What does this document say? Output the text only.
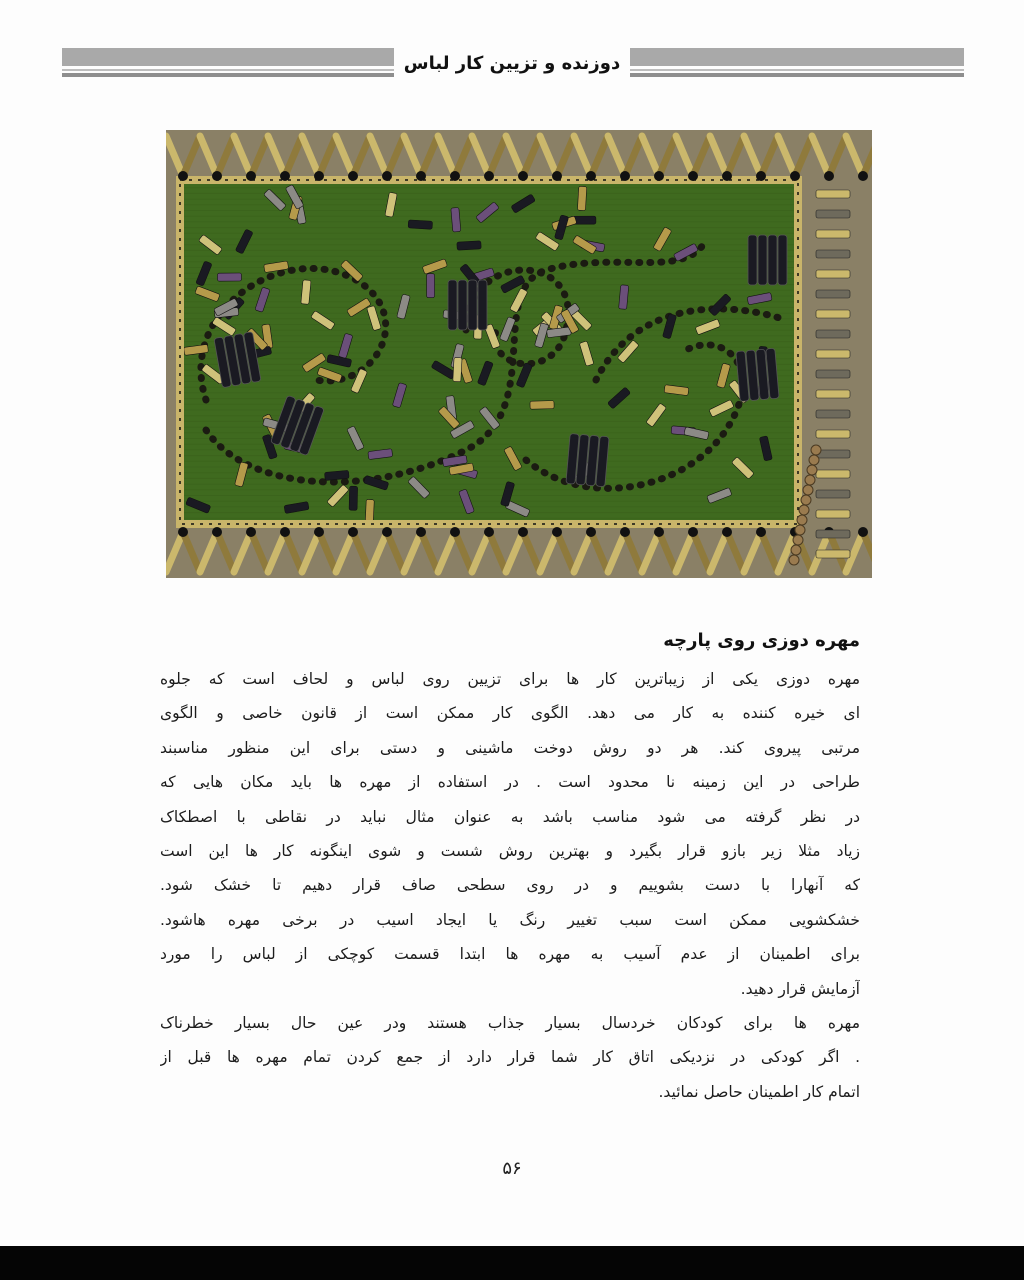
دوزنده و تزیین کار لباس
مهره دوزی روی پارچه
مهره دوزی یکی از زیباترین کار ها برای تزیین روی لباس و لحاف است که جلوه
ای خیره کننده به کار می دهد. الگوی کار ممکن است از قانون خاصی و الگوی
مرتبی پیروی کند. هر دو روش دوخت ماشینی و دستی برای این منظور مناسبند
طراحی در این زمینه نا محدود است . در استفاده از مهره ها باید مکان هایی که
در نظر گرفته می شود مناسب باشد به عنوان مثال نباید در نقاطی با اصطکاک
زیاد مثلا زیر بازو قرار بگیرد و بهترین روش شست و شوی اینگونه کار ها این است
که آنهارا با دست بشوییم و در روی سطحی صاف قرار دهیم تا خشک شود.
خشکشویی ممکن است سبب تغییر رنگ یا ایجاد اسیب در برخی مهره هاشود.
برای اطمینان از عدم آسیب به مهره ها ابتدا قسمت کوچکی از لباس را مورد
آزمایش قرار دهید.
مهره ها برای کودکان خردسال بسیار جذاب هستند ودر عین حال بسیار خطرناک
. اگر کودکی در نزدیکی اتاق کار شما قرار دارد از جمع کردن تمام مهره ها قبل از
اتمام کار اطمینان حاصل نمائید.
۵۶
